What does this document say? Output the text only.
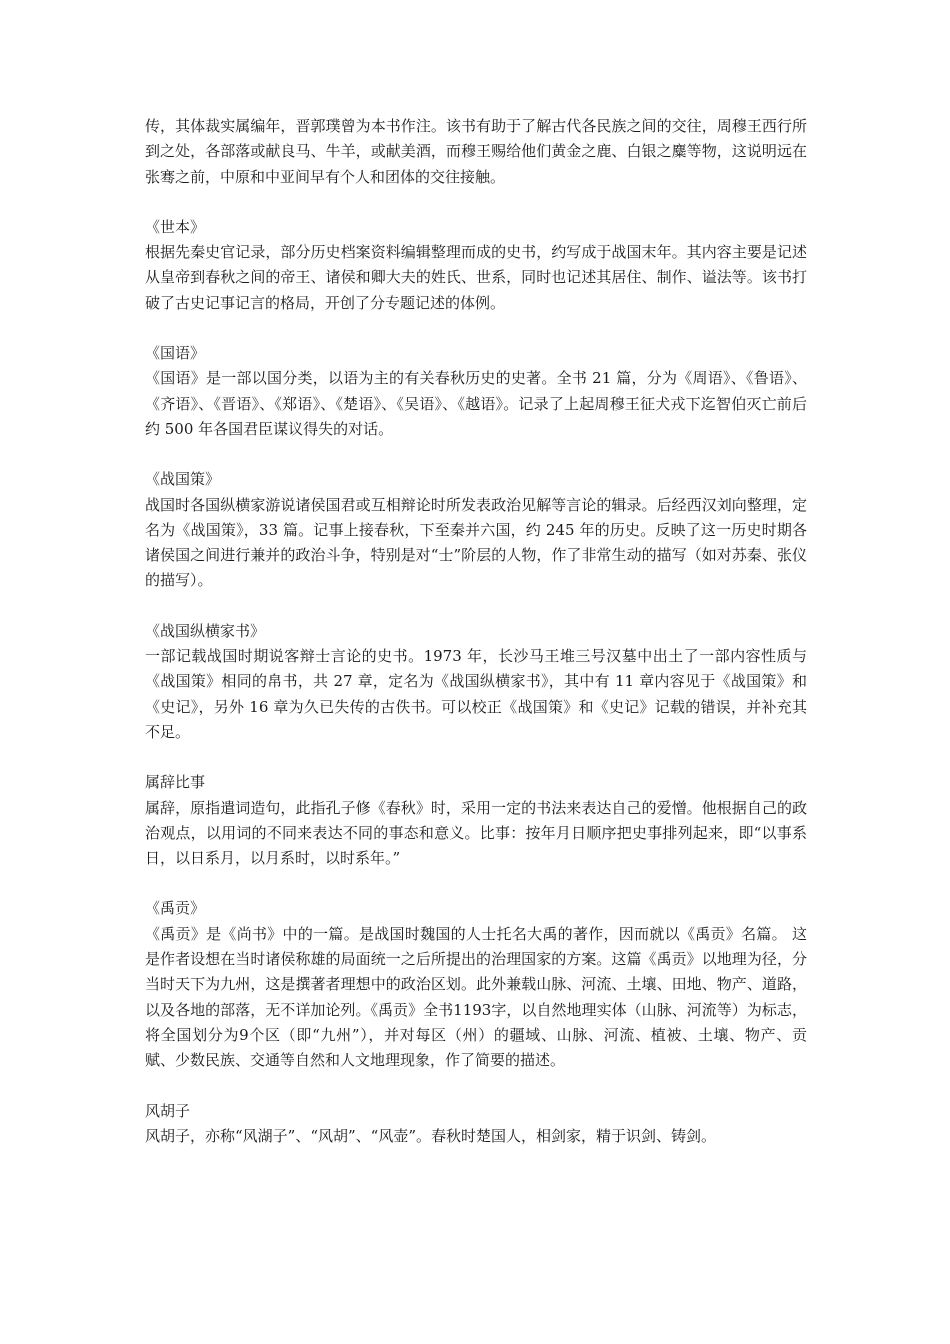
传，其体裁实属编年，晋郭璞曾为本书作注。该书有助于了解古代各民族之间的交往，周穆王西行所到之处，各部落或献良马、牛羊，或献美酒，而穆王赐给他们黄金之鹿、白银之麋等物，这说明远在张骞之前，中原和中亚间早有个人和团体的交往接触。

《世本》

根据先秦史官记录，部分历史档案资料编辑整理而成的史书，约写成于战国末年。其内容主要是记述从皇帝到春秋之间的帝王、诸侯和卿大夫的姓氏、世系，同时也记述其居住、制作、谥法等。该书打破了古史记事记言的格局，开创了分专题记述的体例。

《国语》

《国语》是一部以国分类，以语为主的有关春秋历史的史著。全书 21 篇，分为《周语》、《鲁语》、《齐语》、《晋语》、《郑语》、《楚语》、《吴语》、《越语》。记录了上起周穆王征犬戎下迄智伯灭亡前后约 500 年各国君臣谋议得失的对话。

《战国策》

战国时各国纵横家游说诸侯国君或互相辩论时所发表政治见解等言论的辑录。后经西汉刘向整理，定名为《战国策》，33 篇。记事上接春秋，下至秦并六国，约 245 年的历史。反映了这一历史时期各诸侯国之间进行兼并的政治斗争，特别是对“士”阶层的人物，作了非常生动的描写（如对苏秦、张仪的描写）。

《战国纵横家书》

一部记载战国时期说客辩士言论的史书。1973 年，长沙马王堆三号汉墓中出土了一部内容性质与《战国策》相同的帛书，共 27 章，定名为《战国纵横家书》，其中有 11 章内容见于《战国策》和《史记》，另外 16 章为久已失传的古佚书。可以校正《战国策》和《史记》记载的错误，并补充其不足。

属辞比事

属辞，原指遣词造句，此指孔子修《春秋》时，采用一定的书法来表达自己的爱憎。他根据自己的政治观点，以用词的不同来表达不同的事态和意义。比事：按年月日顺序把史事排列起来，即“以事系日，以日系月，以月系时，以时系年。”

《禹贡》

《禹贡》是《尚书》中的一篇。是战国时魏国的人士托名大禹的著作，因而就以《禹贡》名篇。 这是作者设想在当时诸侯称雄的局面统一之后所提出的治理国家的方案。这篇《禹贡》以地理为径，分当时天下为九州，这是撰著者理想中的政治区划。此外兼载山脉、河流、土壤、田地、物产、道路，以及各地的部落，无不详加论列。《禹贡》全书1193字，以自然地理实体（山脉、河流等）为标志，将全国划分为9个区（即“九州”），并对每区（州）的疆域、山脉、河流、植被、土壤、物产、贡赋、少数民族、交通等自然和人文地理现象，作了简要的描述。

风胡子

风胡子，亦称“风湖子”、“风胡”、“风壶”。春秋时楚国人，相剑家，精于识剑、铸剑。
